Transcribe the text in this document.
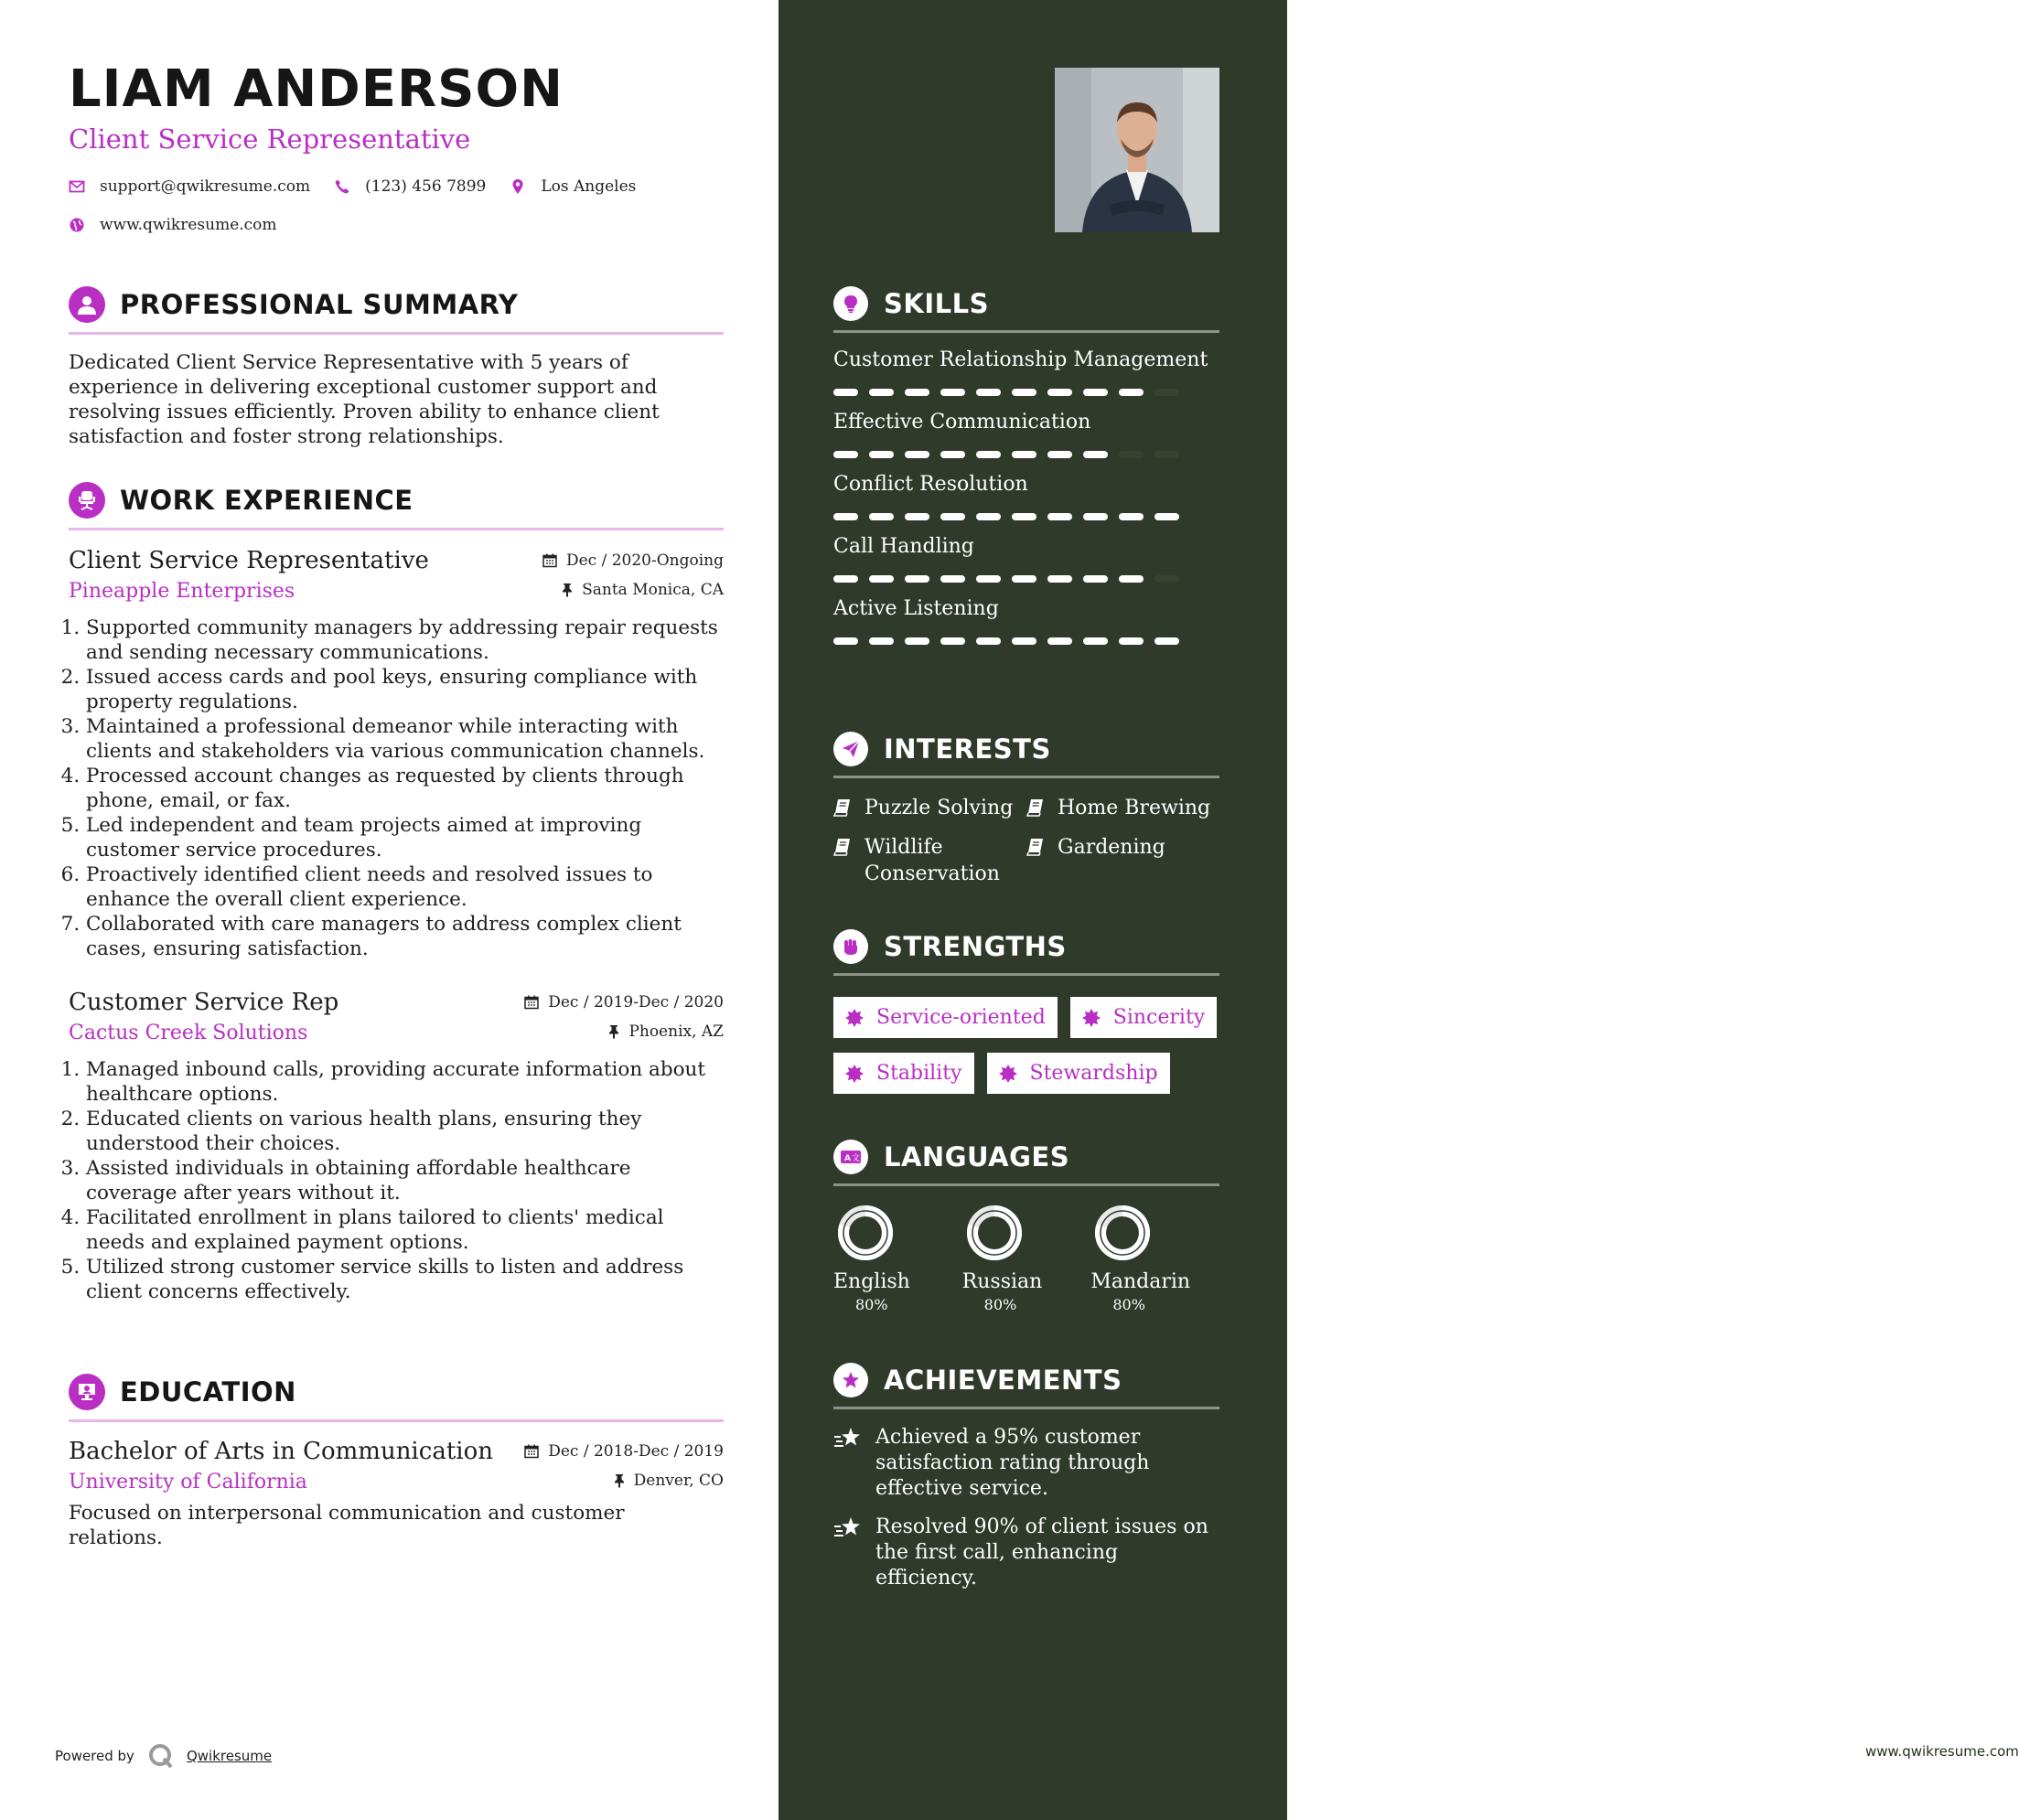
LIAM ANDERSON
Client Service Representative
support@qwikresume.com	(123) 456 7899	Los Angeles
www.qwikresume.com
PROFESSIONAL SUMMARY

Dedicated Client Service Representative with 5 years of experience in delivering exceptional customer support and resolving issues efficiently. Proven ability to enhance client satisfaction and foster strong relationships.

WORK EXPERIENCE
Client Service Representative	Dec / 2020-Ongoing
Pineapple Enterprises	Santa Monica, CA
1. Supported community managers by addressing repair requests and sending necessary communications.
2. Issued access cards and pool keys, ensuring compliance with property regulations.
3. Maintained a professional demeanor while interacting with clients and stakeholders via various communication channels.
4. Processed account changes as requested by clients through phone, email, or fax.
5. Led independent and team projects aimed at improving customer service procedures.
6. Proactively identified client needs and resolved issues to enhance the overall client experience.
7. Collaborated with care managers to address complex client cases, ensuring satisfaction.
Customer Service Rep	Dec / 2019-Dec / 2020
Cactus Creek Solutions	Phoenix, AZ
1. Managed inbound calls, providing accurate information about healthcare options.
2. Educated clients on various health plans, ensuring they understood their choices.
3. Assisted individuals in obtaining affordable healthcare coverage after years without it.
4. Facilitated enrollment in plans tailored to clients' medical needs and explained payment options.
5. Utilized strong customer service skills to listen and address client concerns effectively.
EDUCATION
Bachelor of Arts in Communication	Dec / 2018-Dec / 2019
University of California	Denver, CO

Focused on interpersonal communication and customer relations.

Powered by	Qwikresume	www.qwikresume.com
SKILLS
Customer Relationship Management
Effective Communication
Conflict Resolution
Call Handling
Active Listening
INTERESTS
Puzzle Solving Home Brewing
Wildlife Conservation
Gardening
STRENGTHS
Service-oriented	Sincerity
Stability	Stewardship
A 文 LANGUAGES
English
80%
Russian
80%
Mandarin
80%
ACHIEVEMENTS
Achieved a 95% customer satisfaction rating through effective service.
Resolved 90% of client issues on the first call, enhancing efficiency.
